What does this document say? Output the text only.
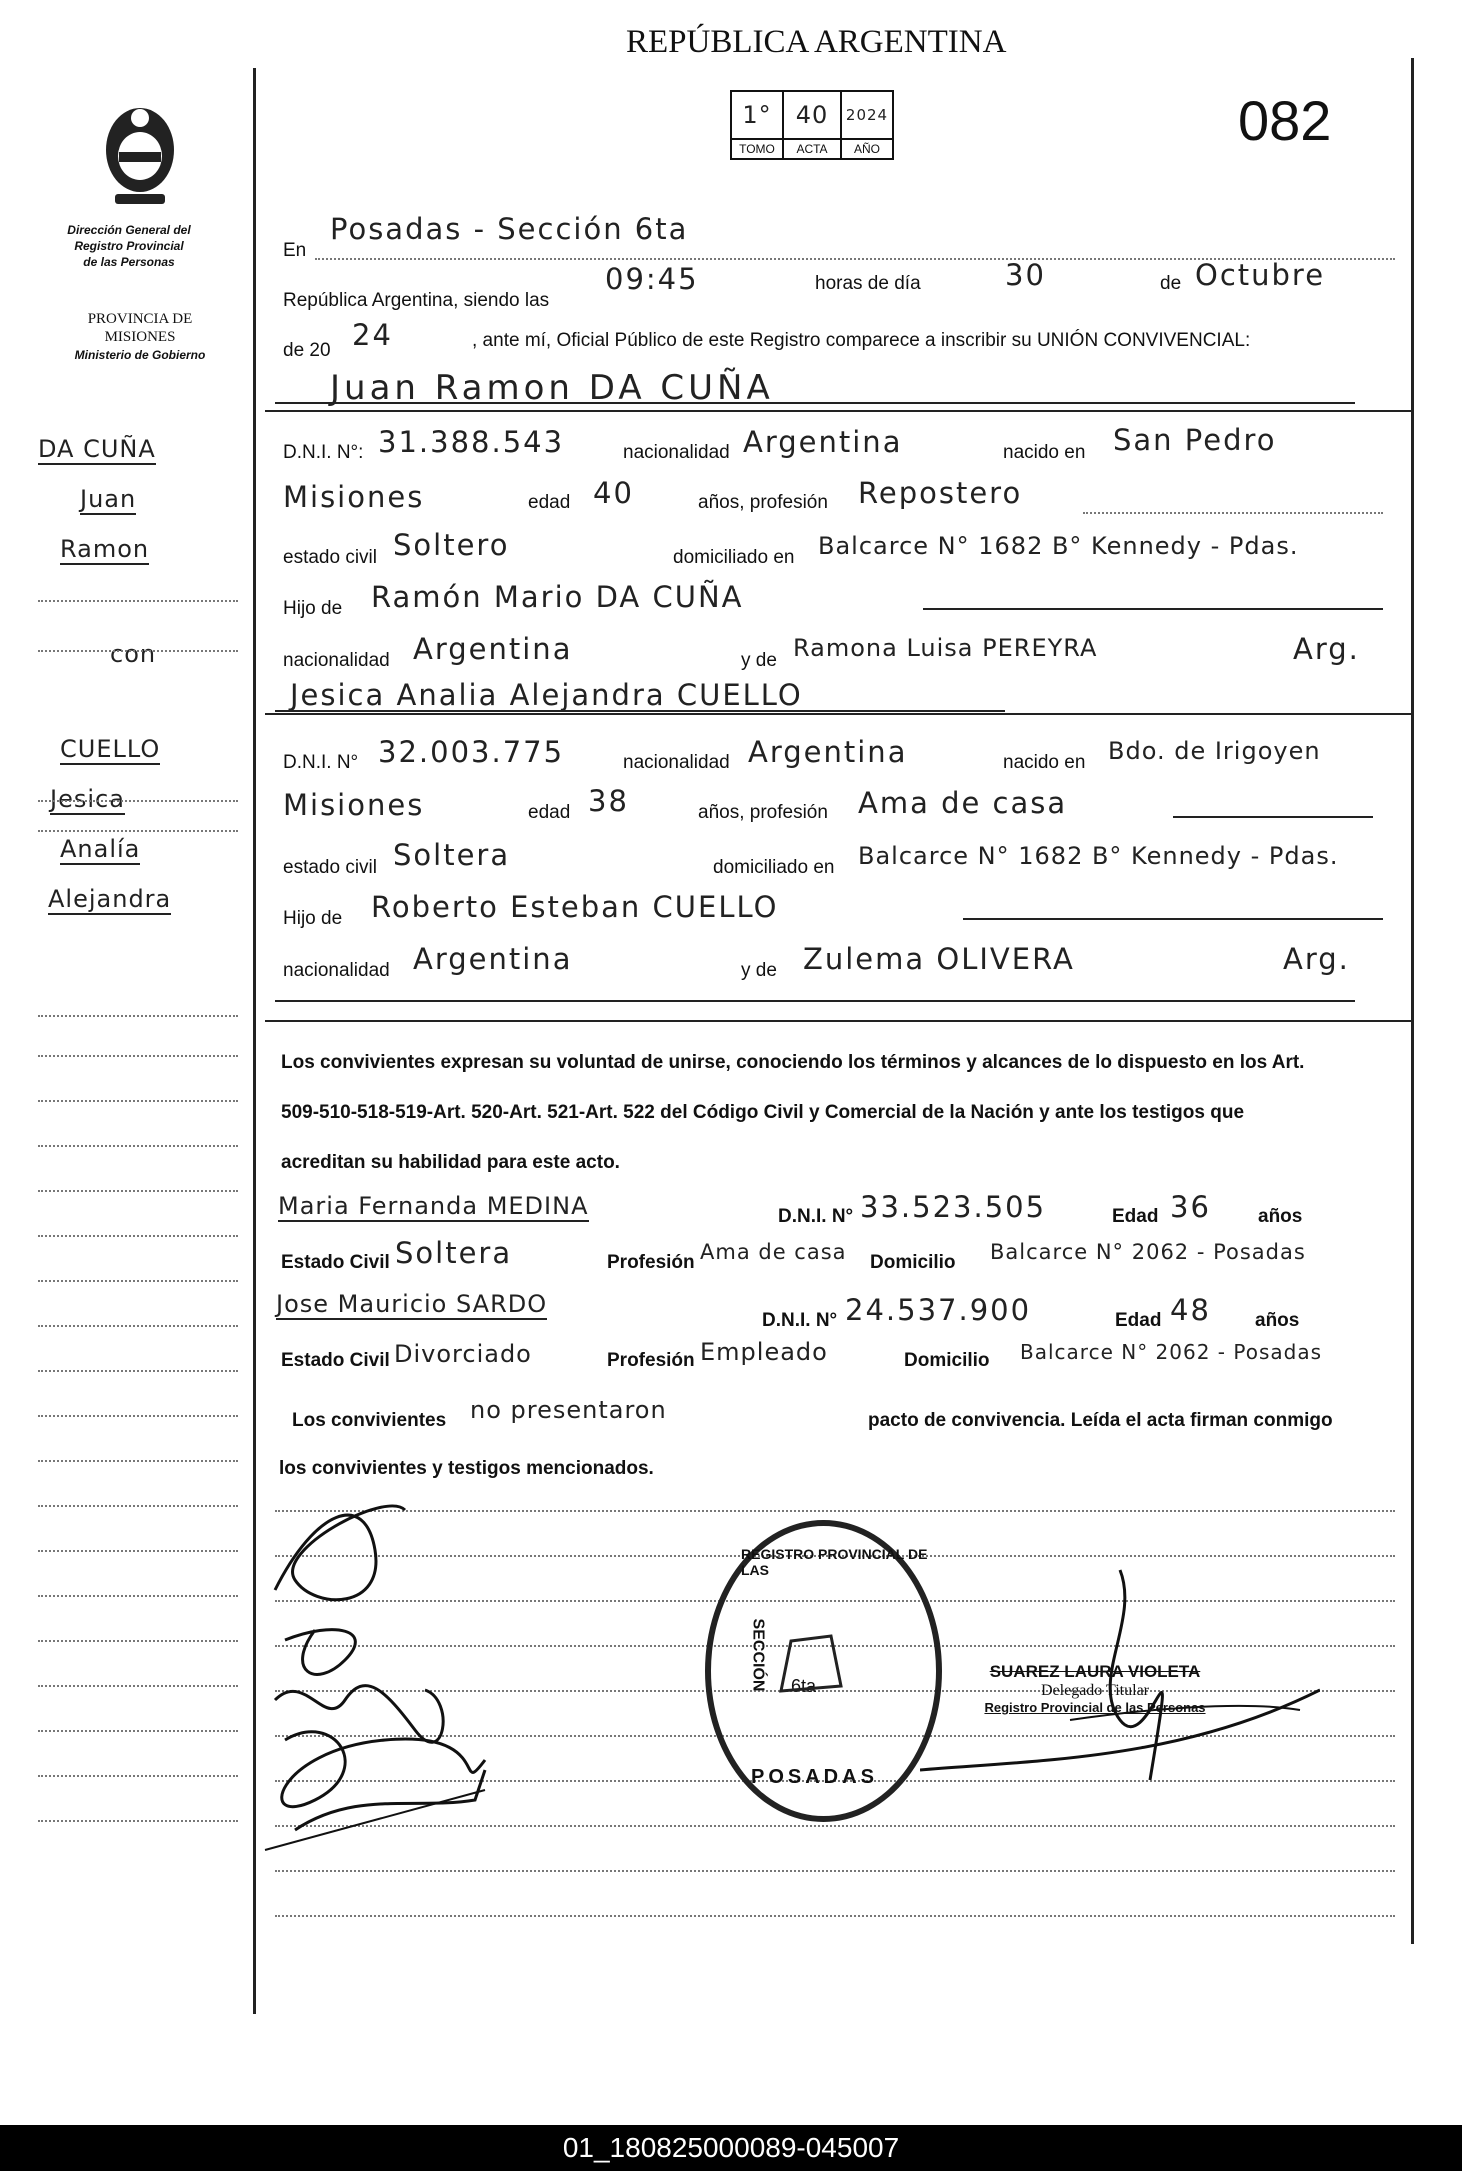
REPÚBLICA ARGENTINA
082
1°	40	2024
TOMO	ACTA	AÑO
Dirección General del
Registro Provincial
de las Personas
PROVINCIA DE
MISIONES
Ministerio de Gobierno
DA CUÑA
Juan
Ramon
con
CUELLO
Jesica
Analía
Alejandra
En
Posadas - Sección 6ta
República Argentina, siendo las
09:45	horas de día	30	de Octubre
de 20 24	, ante mí, Oficial Público de este Registro comparece a inscribir su UNIÓN CONVIVENCIAL:
Juan Ramon DA CUÑA
D.N.I. N°: 31.388.543	nacionalidad Argentina	nacido en San Pedro
Misiones	edad 40	años, profesión Repostero
estado civil Soltero	domiciliado en Balcarce N° 1682 B° Kennedy - Pdas.
Hijo de Ramón Mario DA CUÑA
nacionalidad Argentina	y de Ramona Luisa PEREYRA	Arg.
Jesica Analia Alejandra CUELLO
D.N.I. N° 32.003.775	nacionalidad Argentina	nacido en Bdo. de Irigoyen
Misiones	edad 38	años, profesión Ama de casa
estado civil Soltera	domiciliado en Balcarce N° 1682 B° Kennedy - Pdas.
Hijo de Roberto Esteban CUELLO
nacionalidad Argentina	y de Zulema OLIVERA	Arg.
Los convivientes expresan su voluntad de unirse, conociendo los términos y alcances de lo dispuesto en los Art.
509-510-518-519-Art. 520-Art. 521-Art. 522 del Código Civil y Comercial de la Nación y ante los testigos que
acreditan su habilidad para este acto.
Maria Fernanda MEDINA	D.N.I. N° 33.523.505	Edad 36 años
Estado Civil Soltera	Profesión Ama de casa Domicilio Balcarce N° 2062 - Posadas
Jose Mauricio SARDO
D.N.I. N° 24.537.900	Edad 48 años
Estado Civil Divorciado	Profesión Empleado	Domicilio Balcarce N° 2062 - Posadas
Los convivientes no presentaron	pacto de convivencia. Leída el acta firman conmigo
los convivientes y testigos mencionados.
REGISTRO PROVINCIAL DE LAS
SECCIÓN
POSADAS
6ta
SUAREZ LAURA VIOLETA
Delegado Titular
Registro Provincial de las Personas
01_180825000089-045007
